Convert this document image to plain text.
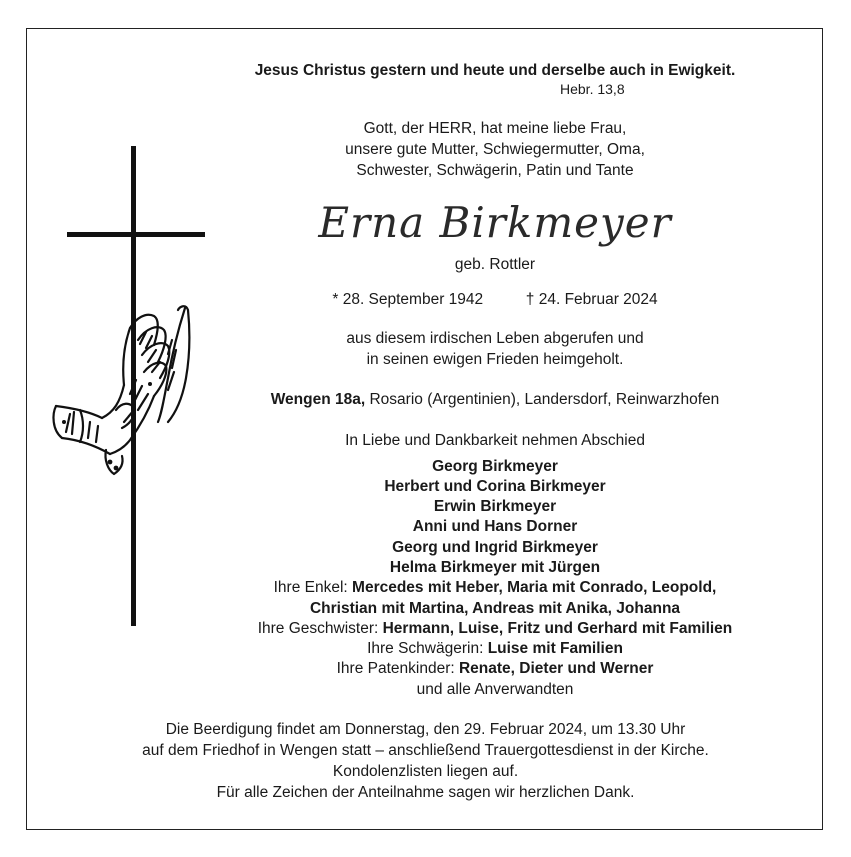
Jesus Christus gestern und heute und derselbe auch in Ewigkeit.
Hebr. 13,8
Gott, der HERR, hat meine liebe Frau,
unsere gute Mutter, Schwiegermutter, Oma,
Schwester, Schwägerin, Patin und Tante
Erna Birkmeyer
geb. Rottler
* 28. September 1942	† 24. Februar 2024
aus diesem irdischen Leben abgerufen und
in seinen ewigen Frieden heimgeholt.
Wengen 18a, Rosario (Argentinien), Landersdorf, Reinwarzhofen
In Liebe und Dankbarkeit nehmen Abschied
Georg Birkmeyer
Herbert und Corina Birkmeyer
Erwin Birkmeyer
Anni und Hans Dorner
Georg und Ingrid Birkmeyer
Helma Birkmeyer mit Jürgen
Ihre Enkel: Mercedes mit Heber, Maria mit Conrado, Leopold,
Christian mit Martina, Andreas mit Anika, Johanna
Ihre Geschwister: Hermann, Luise, Fritz und Gerhard mit Familien
Ihre Schwägerin: Luise mit Familien
Ihre Patenkinder: Renate, Dieter und Werner
und alle Anverwandten
Die Beerdigung findet am Donnerstag, den 29. Februar 2024, um 13.30 Uhr
auf dem Friedhof in Wengen statt – anschließend Trauergottesdienst in der Kirche.
Kondolenzlisten liegen auf.
Für alle Zeichen der Anteilnahme sagen wir herzlichen Dank.
